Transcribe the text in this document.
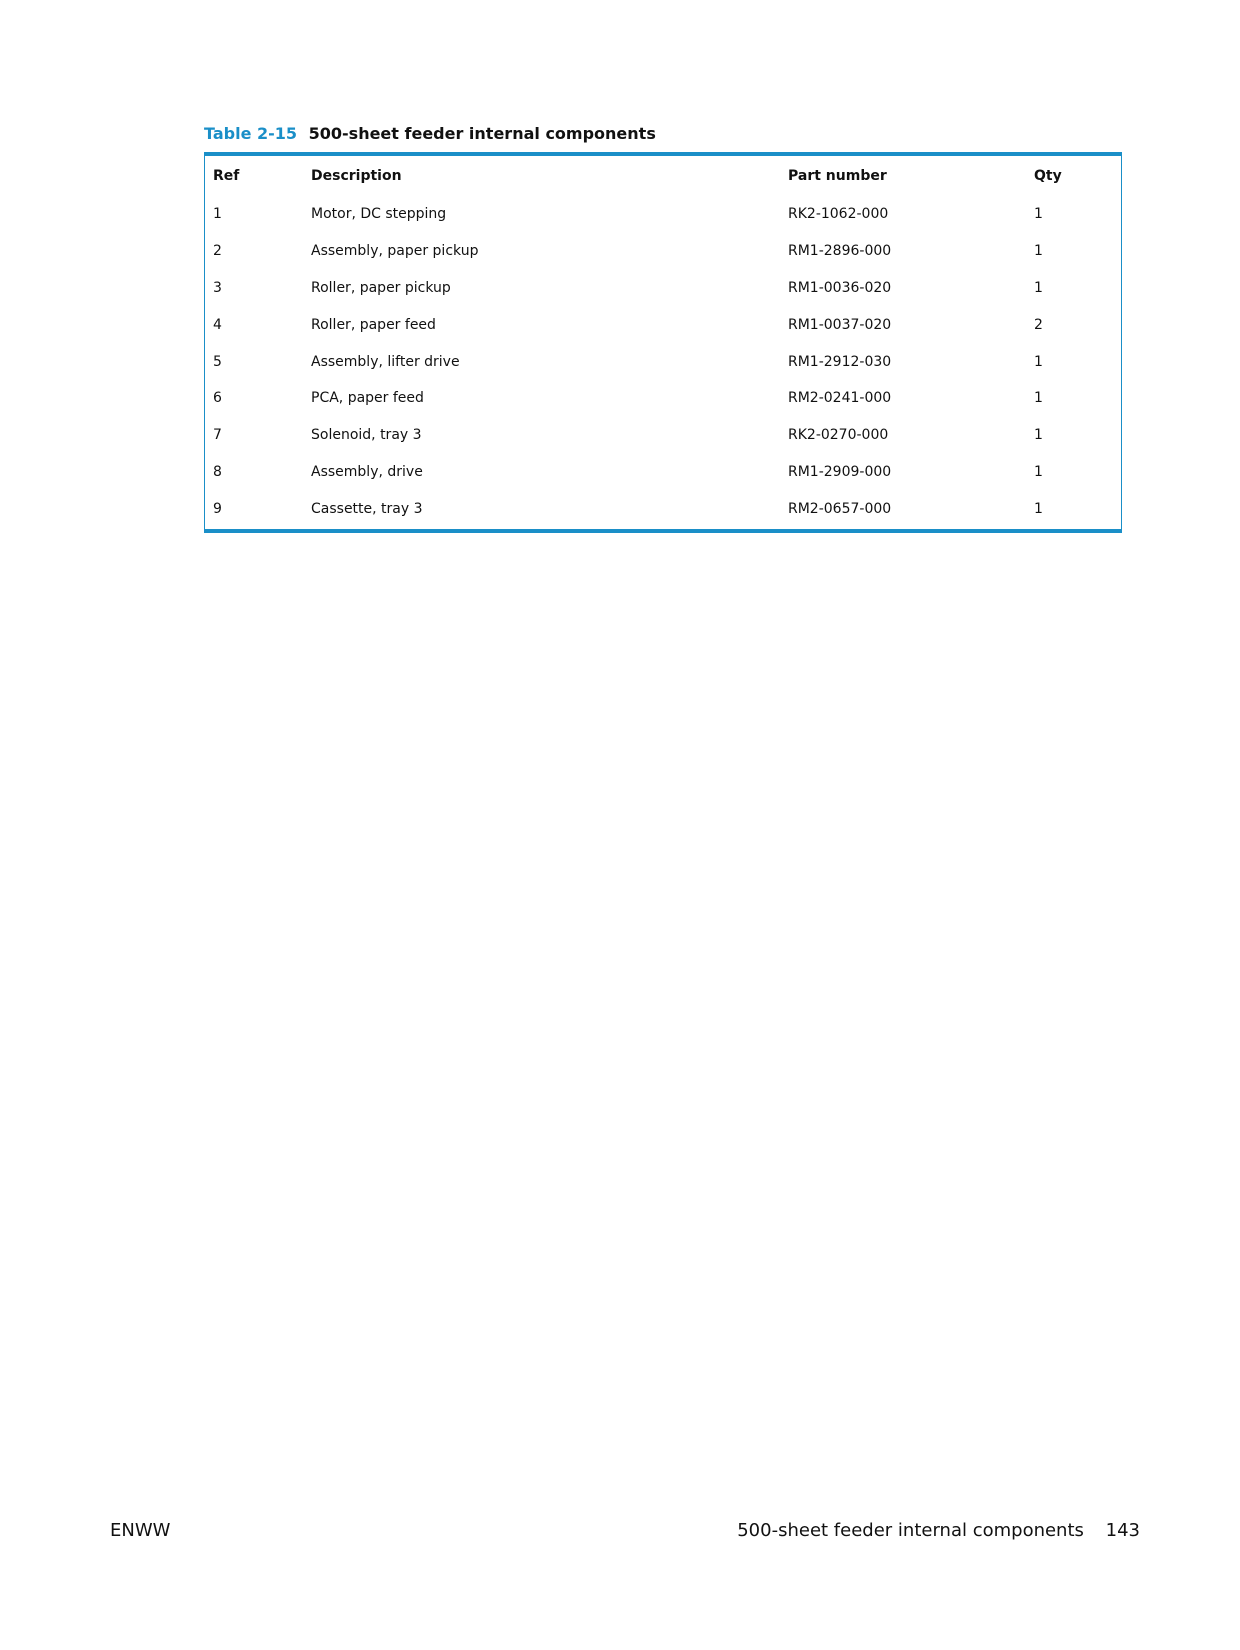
Table 2-15 500-sheet feeder internal components
Ref	Description	Part number	Qty
1	Motor, DC stepping	RK2-1062-000	1
2	Assembly, paper pickup	RM1-2896-000	1
3	Roller, paper pickup	RM1-0036-020	1
4	Roller, paper feed	RM1-0037-020	2
5	Assembly, lifter drive	RM1-2912-030	1
6	PCA, paper feed	RM2-0241-000	1
7	Solenoid, tray 3	RK2-0270-000	1
8	Assembly, drive	RM1-2909-000	1
9	Cassette, tray 3	RM2-0657-000	1
ENWW	500-sheet feeder internal components 143
